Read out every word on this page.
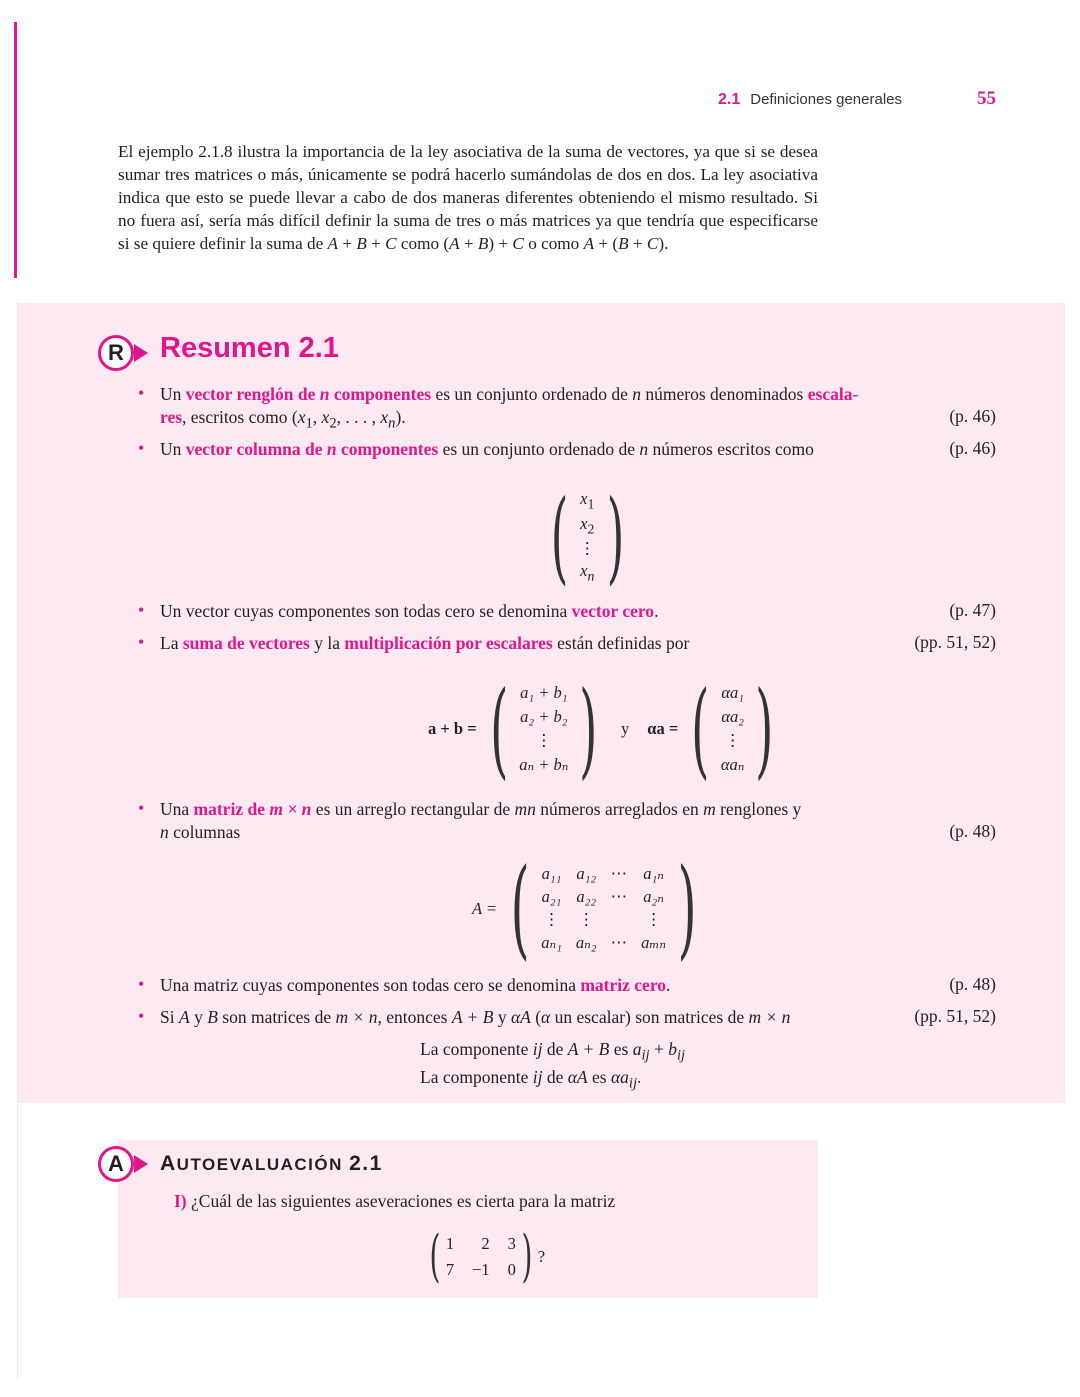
2.1 Definiciones generales	55
El ejemplo 2.1.8 ilustra la importancia de la ley asociativa de la suma de vectores, ya que si se desea sumar tres matrices o más, únicamente se podrá hacerlo sumándolas de dos en dos. La ley asociativa indica que esto se puede llevar a cabo de dos maneras diferentes obteniendo el mismo resultado. Si no fuera así, sería más difícil definir la suma de tres o más matrices ya que tendría que especificarse si se quiere definir la suma de A + B + C como (A + B) + C o como A + (B + C).
R Resumen 2.1
• Un vector renglón de n componentes es un conjunto ordenado de n números denominados escala-
res, escritos como ($x_1$, $x_2$, . . . , $x_n$).	(p. 46)
• Un vector columna de n componentes es un conjunto ordenado de n números escritos como	(p. 46)
( $x_1$
$x_2$
⋮
$x_n$ )
• Un vector cuyas componentes son todas cero se denomina vector cero.	(p. 47)
• La suma de vectores y la multiplicación por escalares están definidas por	(pp. 51, 52)
a + b = ( a₁ + b₁
a₂ + b₂
⋮
aₙ + bₙ ) y αa = ( αa₁
αa₂
⋮
αaₙ )
• Una matriz de m × n es un arreglo rectangular de mn números arreglados en m renglones y
n columnas	(p. 48)
A = ( a₁₁ a₁₂ ⋯ a₁ₙ
a₂₁ a₂₂ ⋯ a₂ₙ
⋮ ⋮	⋮
aₙ₁ aₙ₂ ⋯ aₘₙ )
• Una matriz cuyas componentes son todas cero se denomina matriz cero.	(p. 48)
• Si A y B son matrices de m × n, entonces A + B y αA (α un escalar) son matrices de m × n	(pp. 51, 52)
La componente ij de A + B es $a_{ij} + b_{ij}$
La componente ij de αA es $\alpha a_{ij}$.
A AUTOEVALUACIÓN 2.1
I) ¿Cuál de las siguientes aseveraciones es cierta para la matriz
( 1 2 3
7 −1 0 ) ?
